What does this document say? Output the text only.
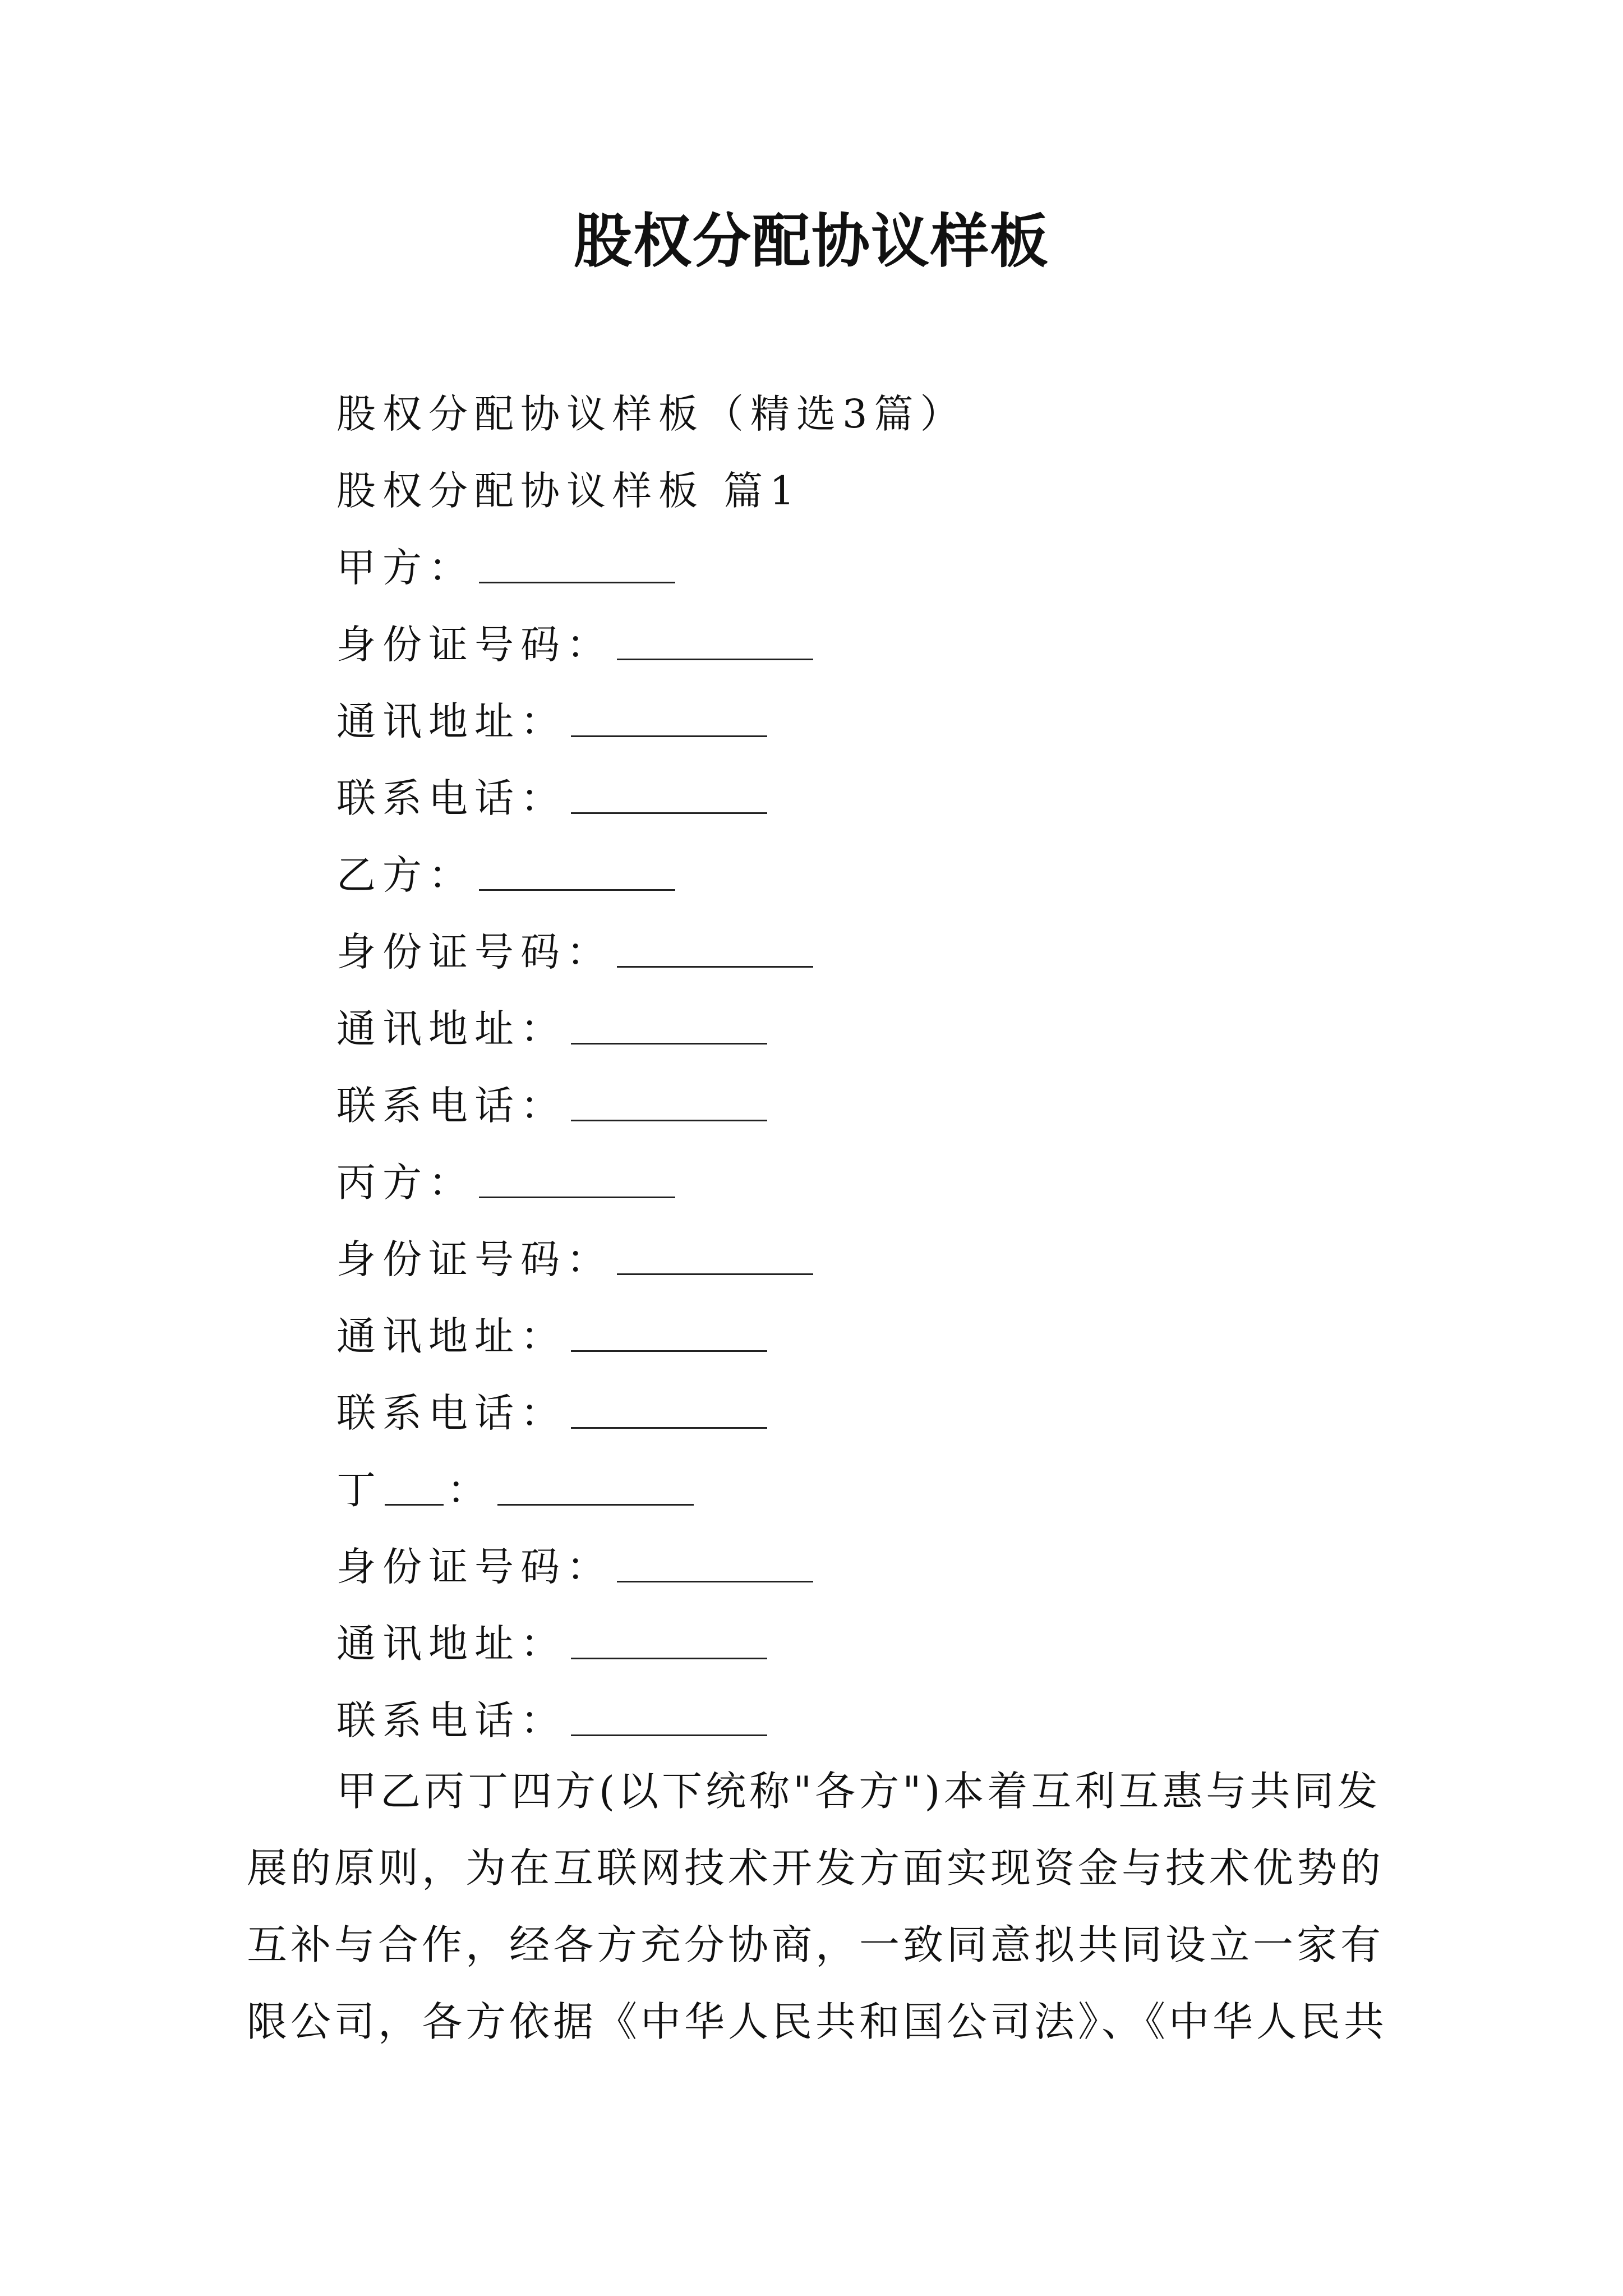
股权分配协议样板
股权分配协议样板（精选3篇）
股权分配协议样板 篇1
甲方：
身份证号码：
通讯地址：
联系电话：
乙方：
身份证号码：
通讯地址：
联系电话：
丙方：
身份证号码：
通讯地址：
联系电话：
丁 ：
身份证号码：
通讯地址：
联系电话：
甲乙丙丁四方(以下统称"各方")本着互利互惠与共同发
展的原则，为在互联网技术开发方面实现资金与技术优势的
互补与合作，经各方充分协商，一致同意拟共同设立一家有
限公司，各方依据《中华人民共和国公司法》、《中华人民共
